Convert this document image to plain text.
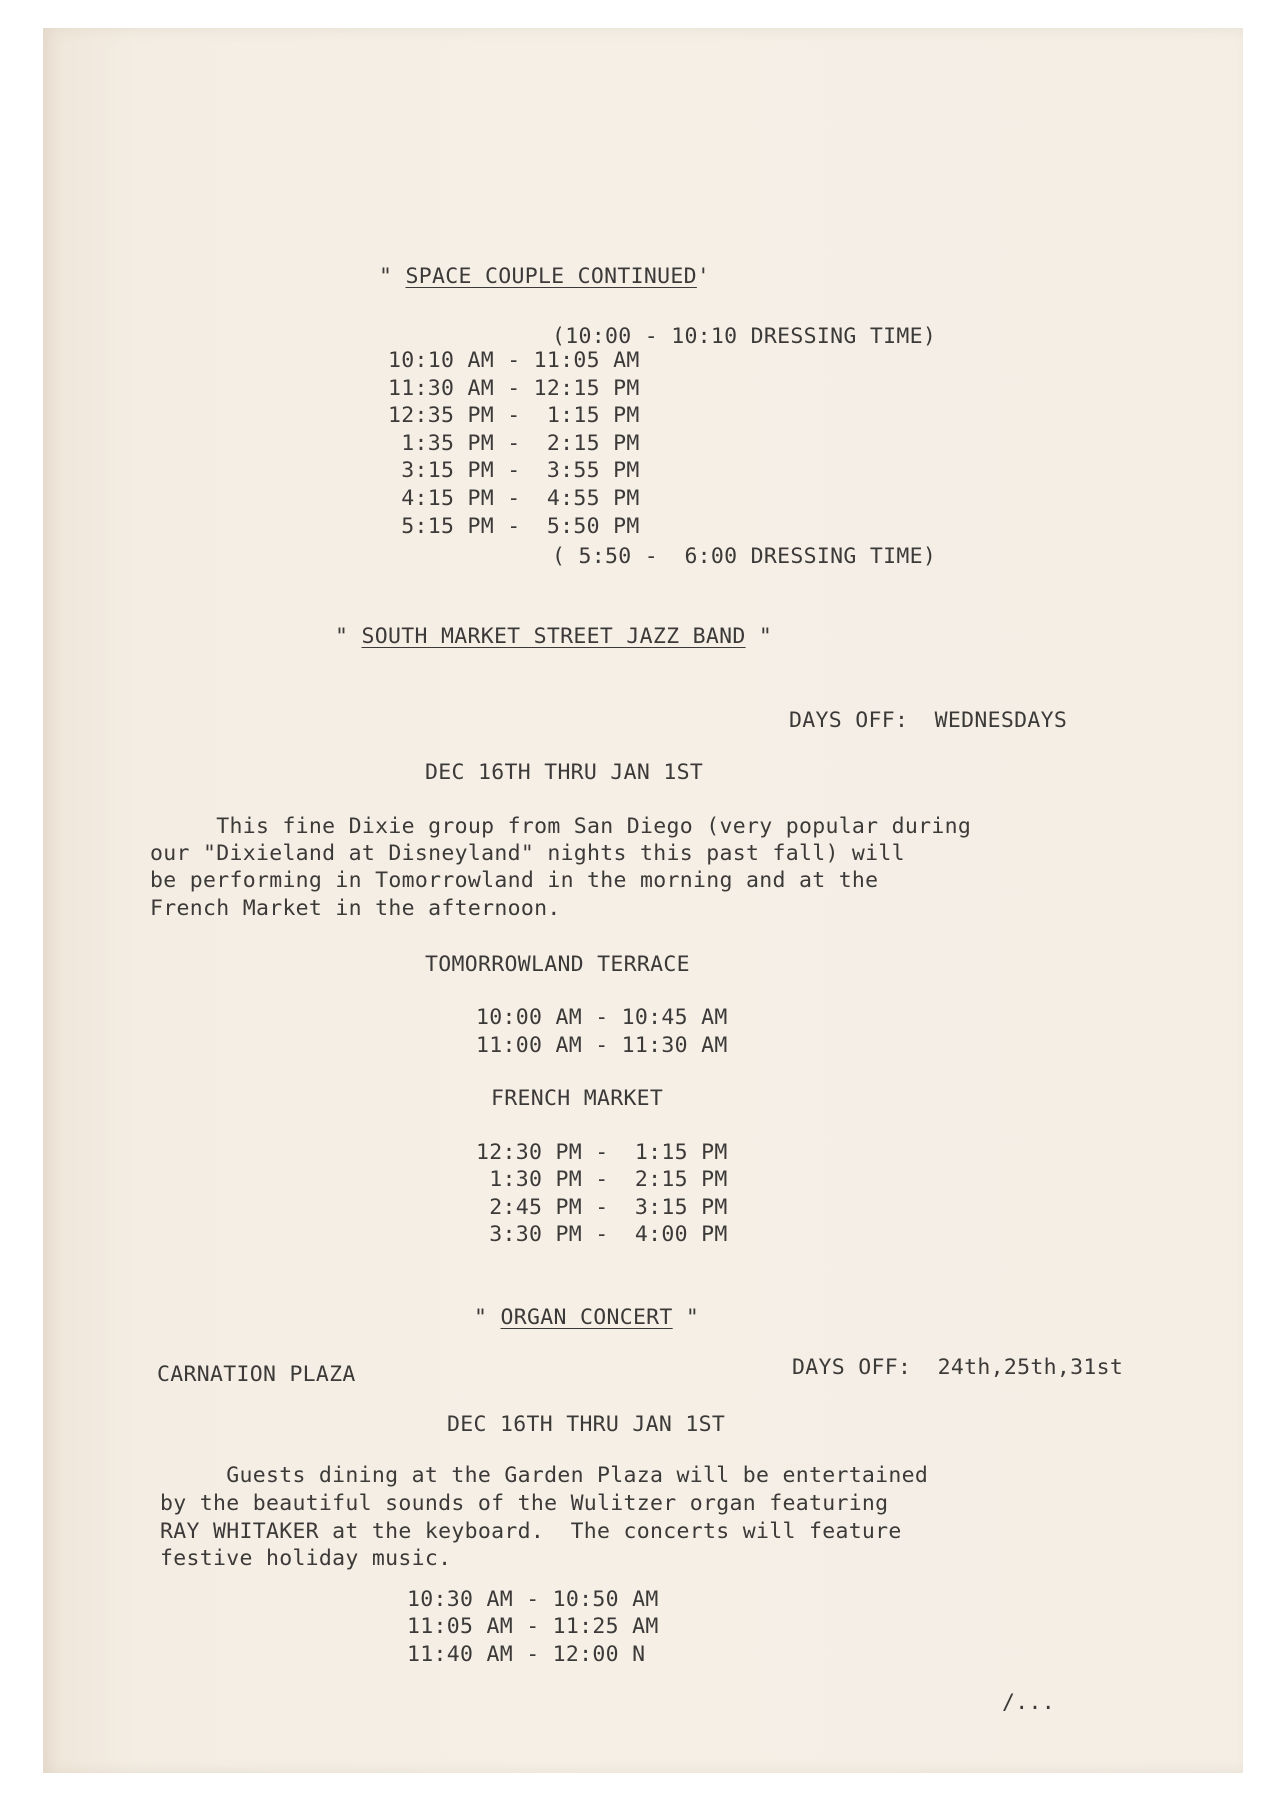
" SPACE COUPLE CONTINUED'
(10:00 - 10:10 DRESSING TIME)
10:10 AM - 11:05 AM
11:30 AM - 12:15 PM
12:35 PM -  1:15 PM
1:35 PM -  2:15 PM
3:15 PM -  3:55 PM
4:15 PM -  4:55 PM
5:15 PM -  5:50 PM
( 5:50 -  6:00 DRESSING TIME)
" SOUTH MARKET STREET JAZZ BAND "
DAYS OFF:  WEDNESDAYS
DEC 16TH THRU JAN 1ST
This fine Dixie group from San Diego (very popular during
our "Dixieland at Disneyland" nights this past fall) will
be performing in Tomorrowland in the morning and at the
French Market in the afternoon.
TOMORROWLAND TERRACE
10:00 AM - 10:45 AM
11:00 AM - 11:30 AM
FRENCH MARKET
12:30 PM -  1:15 PM
1:30 PM -  2:15 PM
2:45 PM -  3:15 PM
3:30 PM -  4:00 PM
" ORGAN CONCERT "
CARNATION PLAZA	DAYS OFF:  24th,25th,31st
DEC 16TH THRU JAN 1ST
Guests dining at the Garden Plaza will be entertained
by the beautiful sounds of the Wulitzer organ featuring
RAY WHITAKER at the keyboard.  The concerts will feature
festive holiday music.
10:30 AM - 10:50 AM
11:05 AM - 11:25 AM
11:40 AM - 12:00 N
/...
